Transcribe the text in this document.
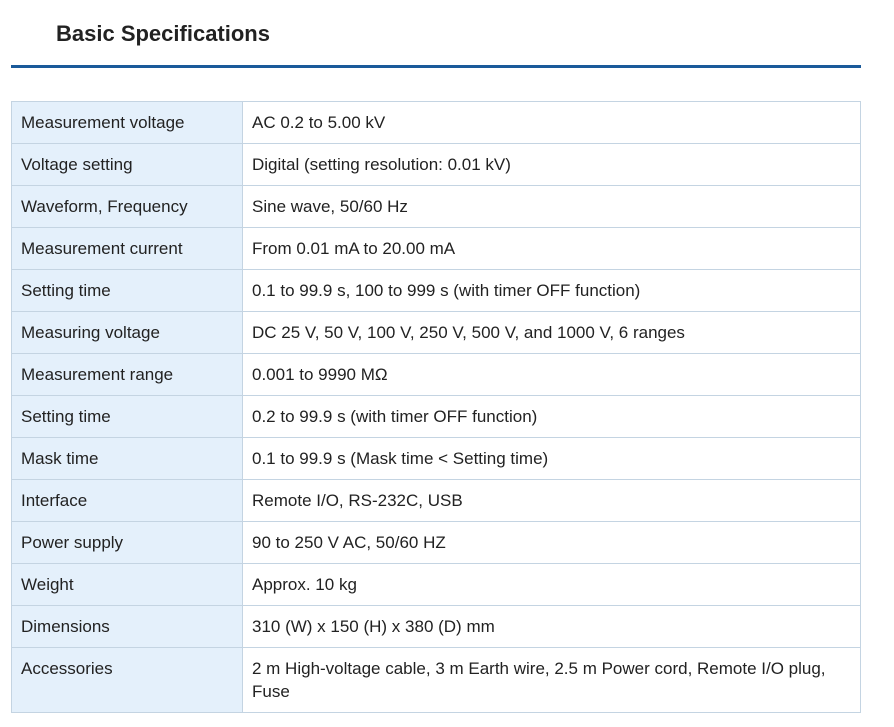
Basic Specifications
Measurement voltage	AC 0.2 to 5.00 kV
Voltage setting	Digital (setting resolution: 0.01 kV)
Waveform, Frequency	Sine wave, 50/60 Hz
Measurement current	From 0.01 mA to 20.00 mA
Setting time	0.1 to 99.9 s, 100 to 999 s (with timer OFF function)
Measuring voltage	DC 25 V, 50 V, 100 V, 250 V, 500 V, and 1000 V, 6 ranges
Measurement range	0.001 to 9990 MΩ
Setting time	0.2 to 99.9 s (with timer OFF function)
Mask time	0.1 to 99.9 s (Mask time < Setting time)
Interface	Remote I/O, RS-232C, USB
Power supply	90 to 250 V AC, 50/60 HZ
Weight	Approx. 10 kg
Dimensions	310 (W) x 150 (H) x 380 (D) mm
Accessories	2 m High-voltage cable, 3 m Earth wire, 2.5 m Power cord, Remote I/O plug, Fuse
